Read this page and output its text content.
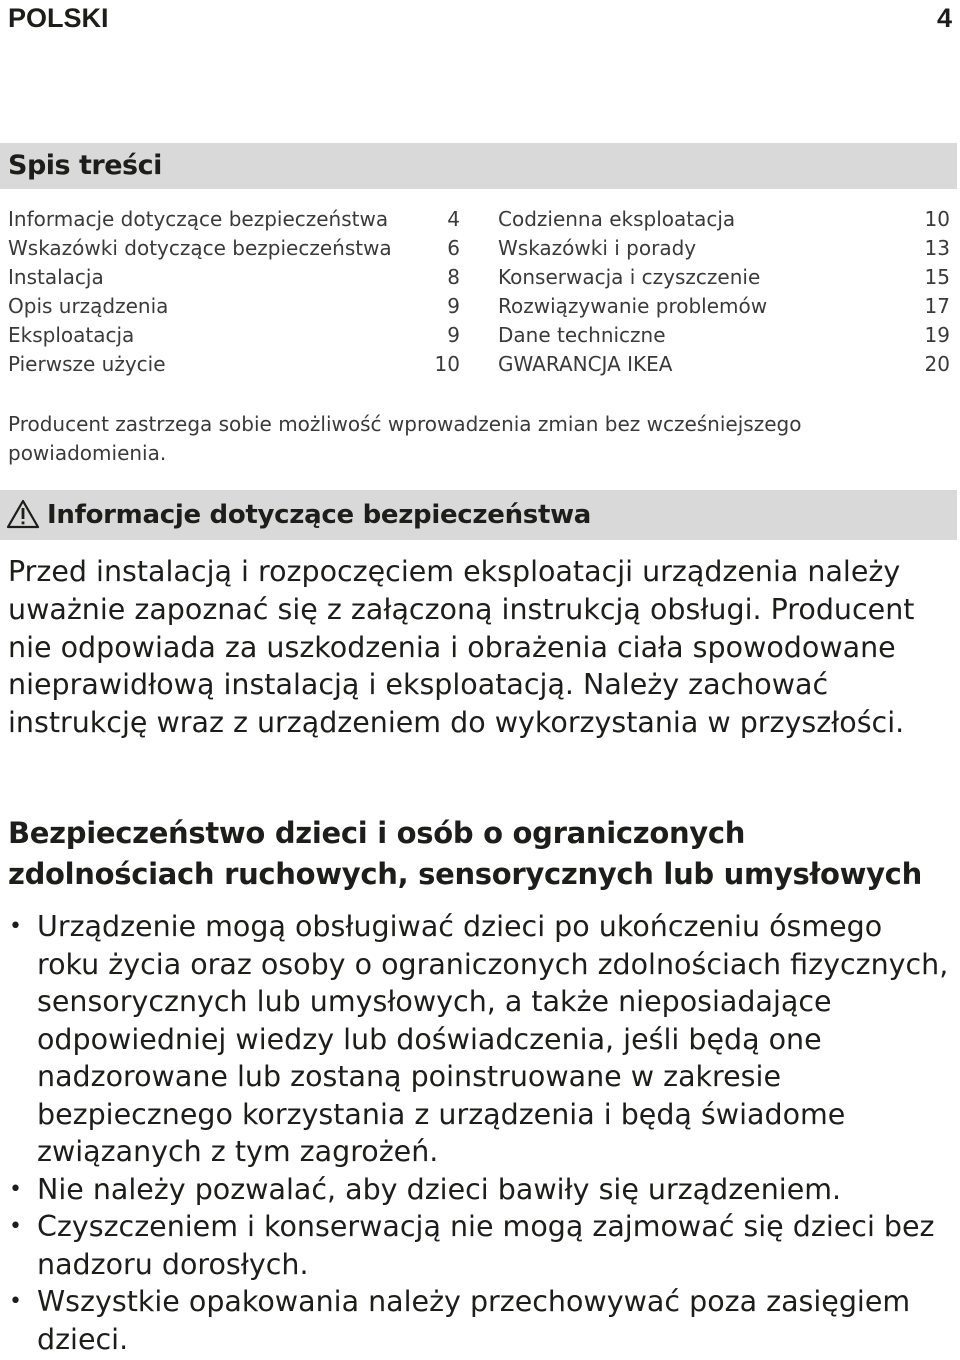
POLSKI	4
Spis treści
Informacje dotyczące bezpieczeństwa	4
Wskazówki dotyczące bezpieczeństwa	6
Instalacja	8
Opis urządzenia	9
Eksploatacja	9
Pierwsze użycie	10
Codzienna eksploatacja	10
Wskazówki i porady	13
Konserwacja i czyszczenie	15
Rozwiązywanie problemów	17
Dane techniczne	19
GWARANCJA IKEA	20
Producent zastrzega sobie możliwość wprowadzenia zmian bez wcześniejszego powiadomienia.
Informacje dotyczące bezpieczeństwa
Przed instalacją i rozpoczęciem eksploatacji urządzenia należy uważnie zapoznać się z załączoną instrukcją obsługi. Producent nie odpowiada za uszkodzenia i obrażenia ciała spowodowane nieprawidłową instalacją i eksploatacją. Należy zachować instrukcję wraz z urządzeniem do wykorzystania w przyszłości.
Bezpieczeństwo dzieci i osób o ograniczonych zdolnościach ruchowych, sensorycznych lub umysłowych
• Urządzenie mogą obsługiwać dzieci po ukończeniu ósmego roku życia oraz osoby o ograniczonych zdolnościach fizycznych, sensorycznych lub umysłowych, a także nieposiadające odpowiedniej wiedzy lub doświadczenia, jeśli będą one nadzorowane lub zostaną poinstruowane w zakresie bezpiecznego korzystania z urządzenia i będą świadome związanych z tym zagrożeń.
• Nie należy pozwalać, aby dzieci bawiły się urządzeniem.
• Czyszczeniem i konserwacją nie mogą zajmować się dzieci bez nadzoru dorosłych.
• Wszystkie opakowania należy przechowywać poza zasięgiem dzieci.
